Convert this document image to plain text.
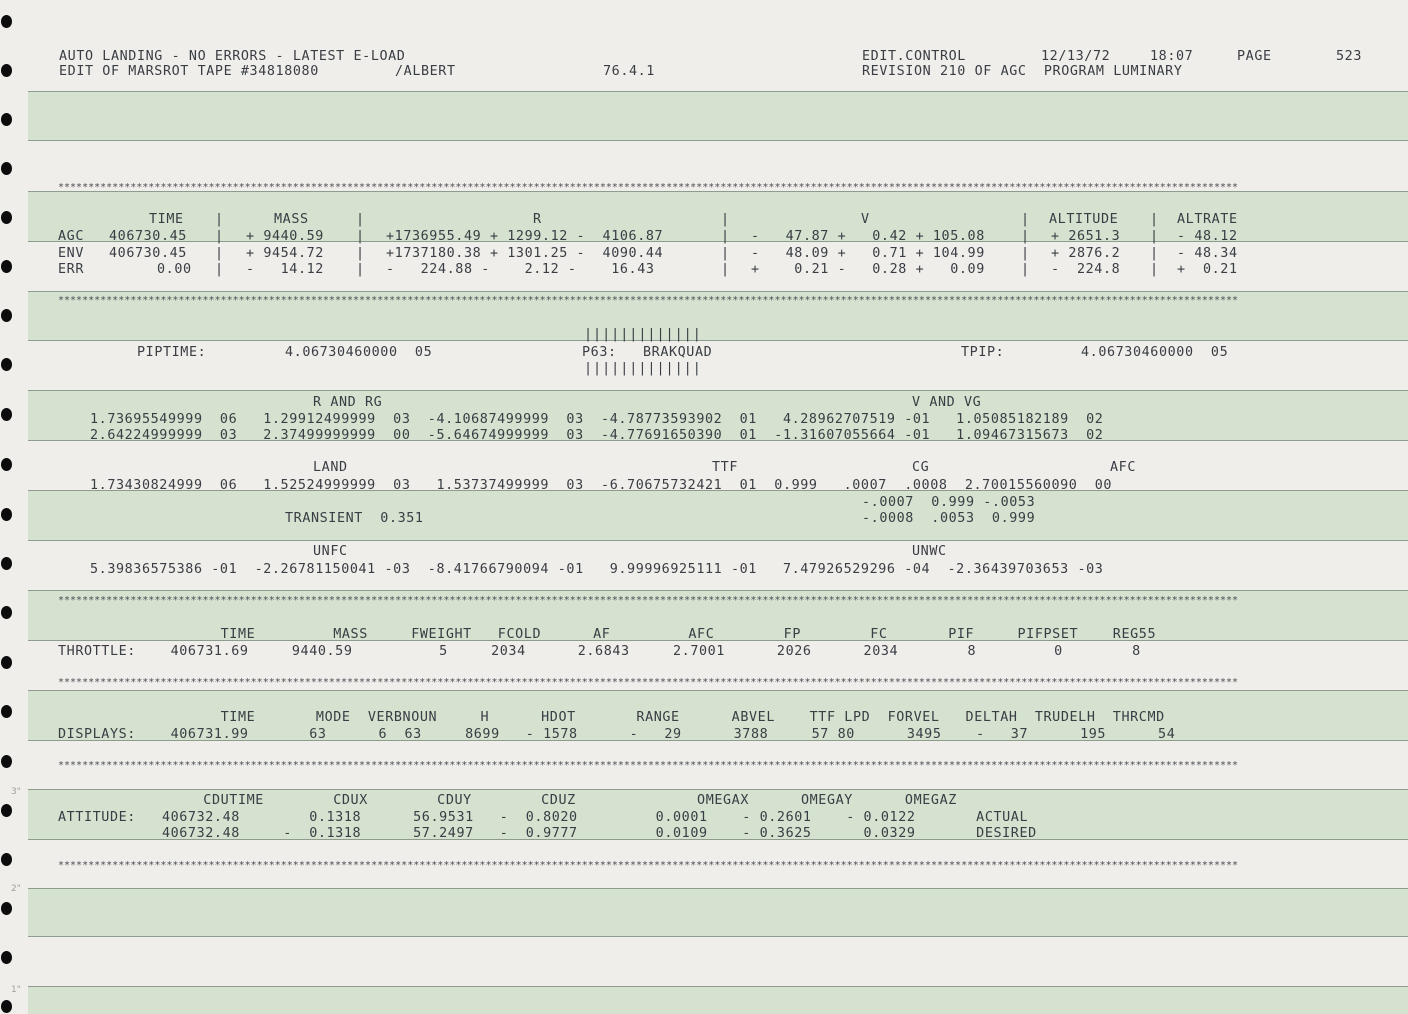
3"
2"
1"
AUTO LANDING - NO ERRORS - LATEST E-LOAD
EDIT OF MARSROT TAPE #34818080	/ALBERT	76.4.1
EDIT.CONTROL	12/13/72	18:07	PAGE	523
REVISION 210 OF AGC  PROGRAM LUMINARY
****************************************************************************************************************************************************************************************************
TIME	MASS	R	V	ALTITUDE	ALTRATE
|	|	|	|	|
AGC 406730.45 | + 9440.59 | +1736955.49 + 1299.12 -  4106.87	| -   47.87 +   0.42 + 105.08	| + 2651.3 | - 48.12
ENV 406730.45 | + 9454.72 | +1737180.38 + 1301.25 -  4090.44	| -   48.09 +   0.71 + 104.99	| + 2876.2 | - 48.34
ERR	0.00 | -   14.12 | -   224.88 -    2.12 -    16.43	| +    0.21 -   0.28 +   0.09	| -  224.8 | +  0.21
****************************************************************************************************************************************************************************************************
|||||||||||||
PIPTIME:	4.06730460000  05	P63: BRAKQUAD	TPIP:	4.06730460000  05
|||||||||||||
R AND RG	V AND VG
1.73695549999  06   1.29912499999  03  -4.10687499999  03  -4.78773593902  01   4.28962707519 -01   1.05085182189  02
2.64224999999  03   2.37499999999  00  -5.64674999999  03  -4.77691650390  01  -1.31607055664 -01   1.09467315673  02
LAND	TTF	CG	AFC
1.73430824999  06   1.52524999999  03   1.53737499999  03  -6.70675732421  01  0.999   .0007  .0008  2.70015560090  00
-.0007  0.999 -.0053
TRANSIENT  0.351	-.0008  .0053  0.999
UNFC	UNWC
5.39836575386 -01  -2.26781150041 -03  -8.41766790094 -01   9.99996925111 -01   7.47926529296 -04  -2.36439703653 -03
****************************************************************************************************************************************************************************************************
TIME         MASS     FWEIGHT   FCOLD      AF         AFC        FP        FC       PIF     PIFPSET    REG55
THROTTLE:    406731.69     9440.59          5     2034      2.6843     2.7001      2026      2034        8         0        8
****************************************************************************************************************************************************************************************************
TIME       MODE  VERBNOUN     H      HDOT       RANGE      ABVEL    TTF LPD  FORVEL   DELTAH  TRUDELH  THRCMD
DISPLAYS:    406731.99       63      6  63     8699   - 1578      -   29      3788     57 80      3495    -   37      195      54
****************************************************************************************************************************************************************************************************
CDUTIME        CDUX        CDUY        CDUZ              OMEGAX      OMEGAY      OMEGAZ
ATTITUDE:   406732.48        0.1318      56.9531   -  0.8020         0.0001    - 0.2601    - 0.0122       ACTUAL
406732.48     -  0.1318      57.2497   -  0.9777         0.0109    - 0.3625      0.0329       DESIRED
****************************************************************************************************************************************************************************************************
